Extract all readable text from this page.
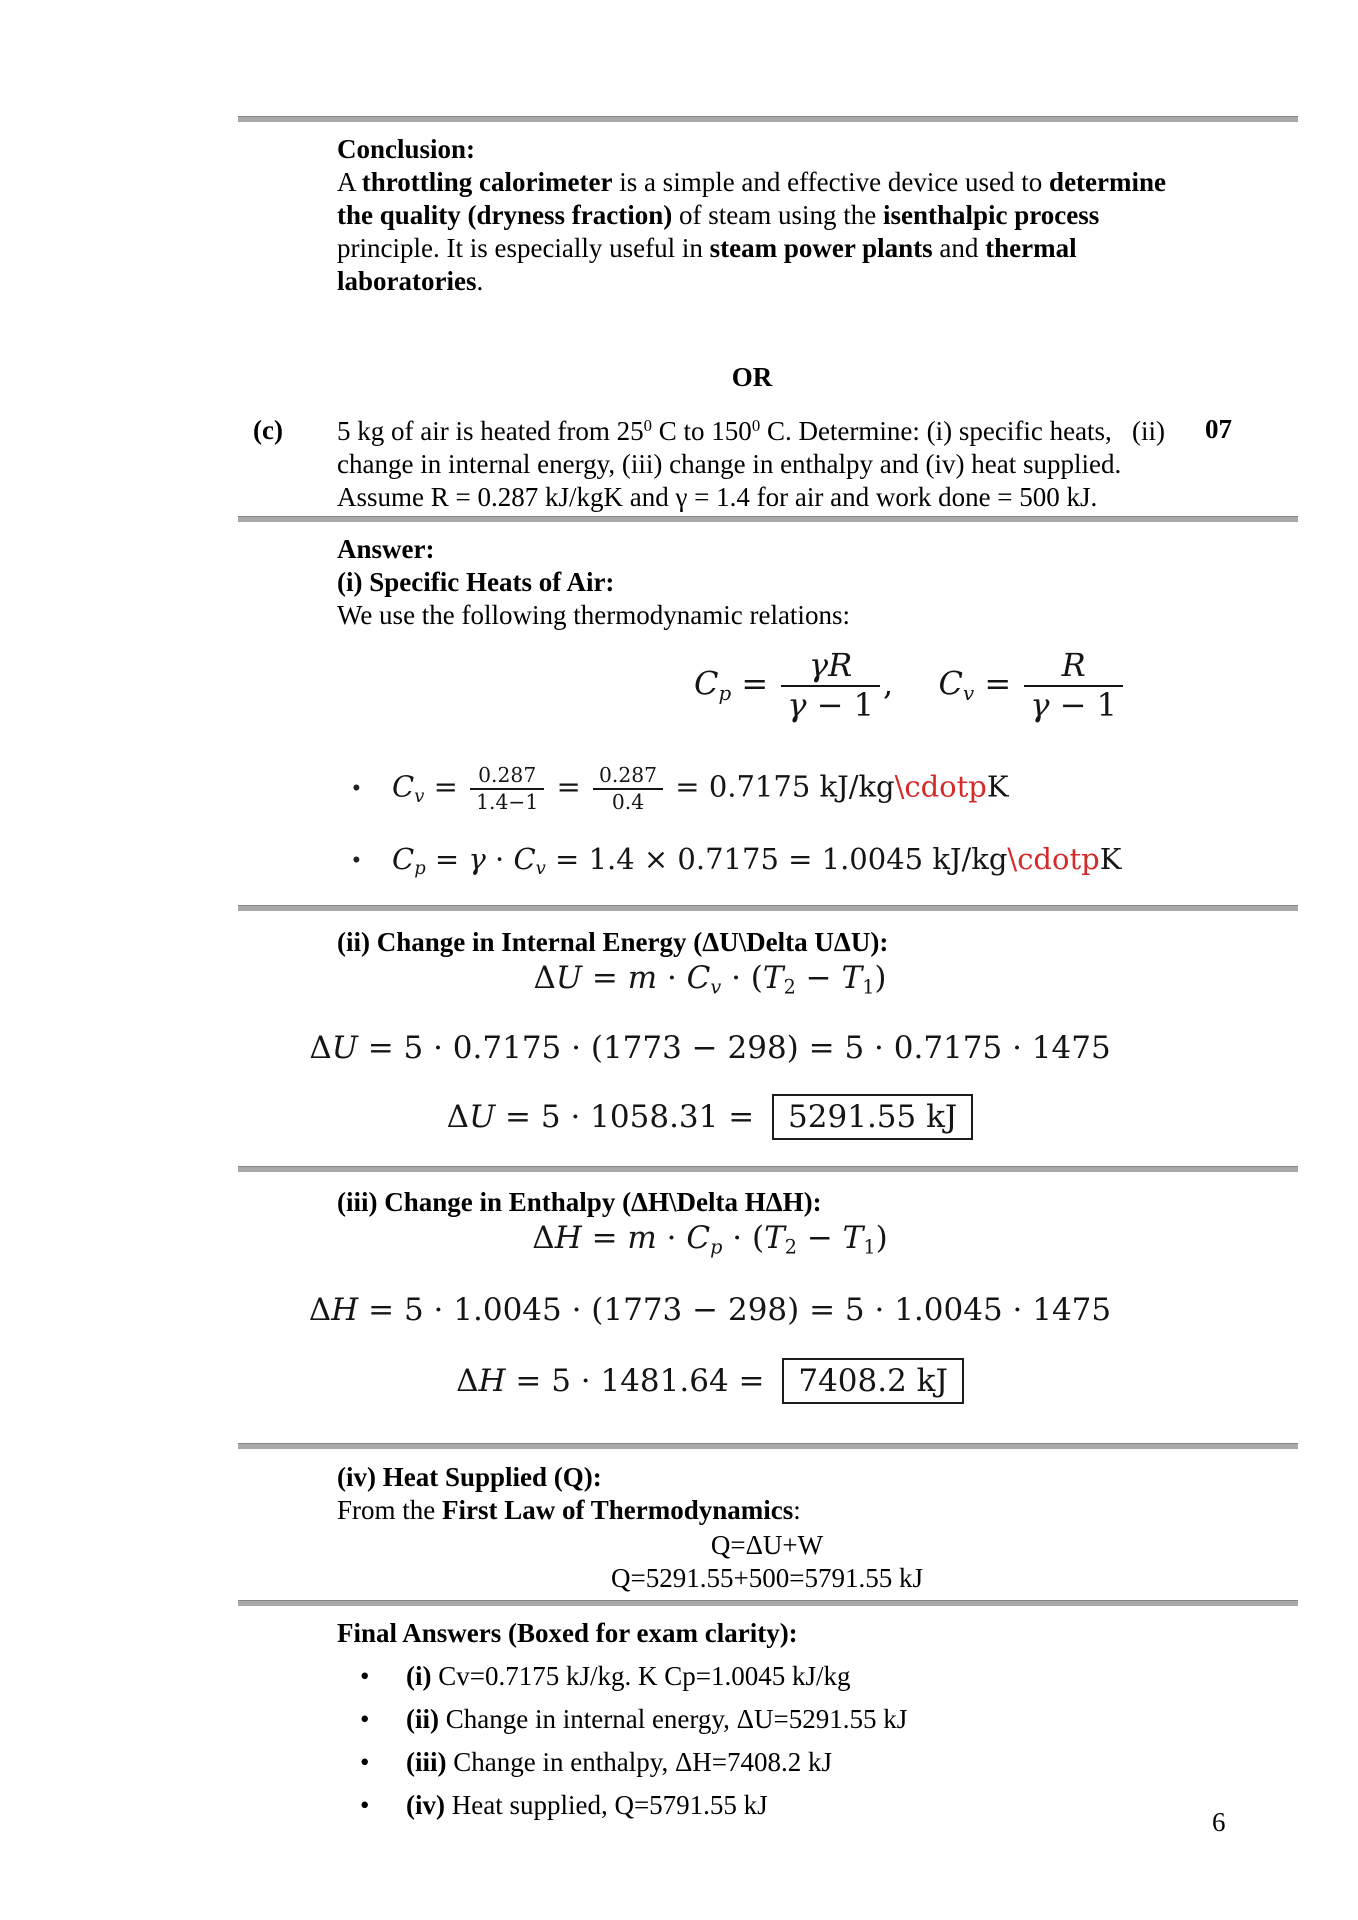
Conclusion:
A throttling calorimeter is a simple and effective device used to determine the quality (dryness fraction) of steam using the isenthalpic process principle. It is especially useful in steam power plants and thermal laboratories.
OR
(c) 5 kg of air is heated from $25^0$ C to $150^0$ C. Determine: (i) specific heats,   (ii) change in internal energy, (iii) change in enthalpy and (iv) heat supplied. Assume R = 0.287 kJ/kgK and γ = 1.4 for air and work done = 500 kJ.
07
Answer:
(i) Specific Heats of Air:
We use the following thermodynamic relations:
$Cp = \frac{\gamma R}{\gamma - 1}$ , $Cv = \frac{R}{\gamma - 1}$
•	$Cv = \frac{0.287}{1.4-1} = \frac{0.287}{0.4} = 0.7175$ kJ/kg\cdotpK
•	Cp = γ · Cv = 1.4 × 0.7175 = 1.0045 kJ/kg\cdotpK
(ii) Change in Internal Energy (ΔU\Delta UΔU):
ΔU = m · Cv · (T2 − T1)
ΔU = 5 · 0.7175 · (1773 − 298) = 5 · 0.7175 · 1475
ΔU = 5 · 1058.31 = 5291.55 kJ
(iii) Change in Enthalpy (ΔH\Delta HΔH):
ΔH = m · Cp · (T2 − T1)
ΔH = 5 · 1.0045 · (1773 − 298) = 5 · 1.0045 · 1475
ΔH = 5 · 1481.64 = 7408.2 kJ
(iv) Heat Supplied (Q):
From the First Law of Thermodynamics:
Q=ΔU+W
Q=5291.55+500=5791.55 kJ
Final Answers (Boxed for exam clarity):
•	(i) Cv=0.7175 kJ/kg. K Cp=1.0045 kJ/kg
•	(ii) Change in internal energy, ΔU=5291.55 kJ
•	(iii) Change in enthalpy, ΔH=7408.2 kJ
•	(iv) Heat supplied, Q=5791.55 kJ
6
